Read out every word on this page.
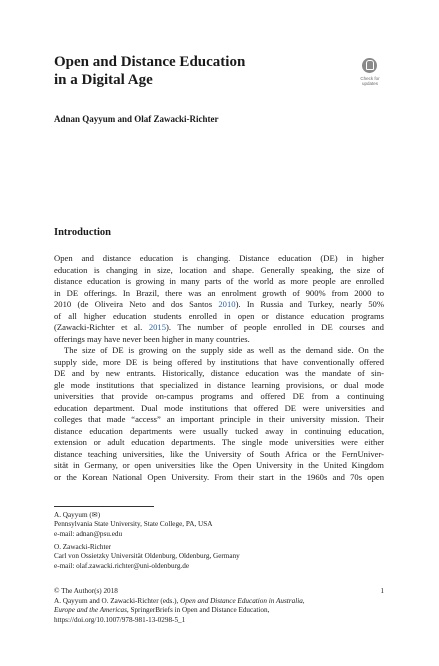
Open and Distance Education
in a Digital Age	Check for
updates
Adnan Qayyum and Olaf Zawacki-Richter
Introduction
Open and distance education is changing. Distance education (DE) in higher
education is changing in size, location and shape. Generally speaking, the size of
distance education is growing in many parts of the world as more people are enrolled
in DE offerings. In Brazil, there was an enrolment growth of 900% from 2000 to
2010 (de Oliveira Neto and dos Santos 2010). In Russia and Turkey, nearly 50%
of all higher education students enrolled in open or distance education programs
(Zawacki-Richter et al. 2015). The number of people enrolled in DE courses and
offerings may have never been higher in many countries.
The size of DE is growing on the supply side as well as the demand side. On the
supply side, more DE is being offered by institutions that have conventionally offered
DE and by new entrants. Historically, distance education was the mandate of sin-
gle mode institutions that specialized in distance learning provisions, or dual mode
universities that provide on-campus programs and offered DE from a continuing
education department. Dual mode institutions that offered DE were universities and
colleges that made “access” an important principle in their university mission. Their
distance education departments were usually tucked away in continuing education,
extension or adult education departments. The single mode universities were either
distance teaching universities, like the University of South Africa or the FernUniver-
sität in Germany, or open universities like the Open University in the United Kingdom
or the Korean National Open University. From their start in the 1960s and 70s open
A. Qayyum (✉)
Pennsylvania State University, State College, PA, USA
e-mail: adnan@psu.edu
O. Zawacki-Richter
Carl von Ossietzky Universität Oldenburg, Oldenburg, Germany
e-mail: olaf.zawacki.richter@uni-oldenburg.de
© The Author(s) 2018
A. Qayyum and O. Zawacki-Richter (eds.), Open and Distance Education in Australia,
Europe and the Americas, SpringerBriefs in Open and Distance Education,
https://doi.org/10.1007/978-981-13-0298-5_1
1
